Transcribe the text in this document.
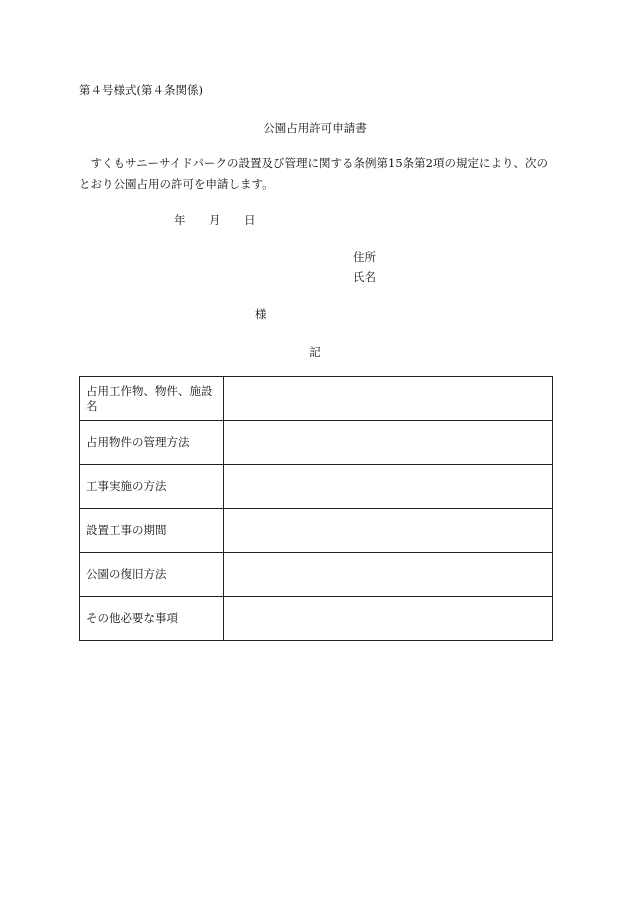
第４号様式(第４条関係)
公園占用許可申請書
　すくもサニーサイドパークの設置及び管理に関する条例第15条第2項の規定により、次の
とおり公園占用の許可を申請します。
年 月 日
住所
氏名
様
記
占用工作物、物件、施設名	
占用物件の管理方法	
工事実施の方法	
設置工事の期間	
公園の復旧方法	
その他必要な事項	
